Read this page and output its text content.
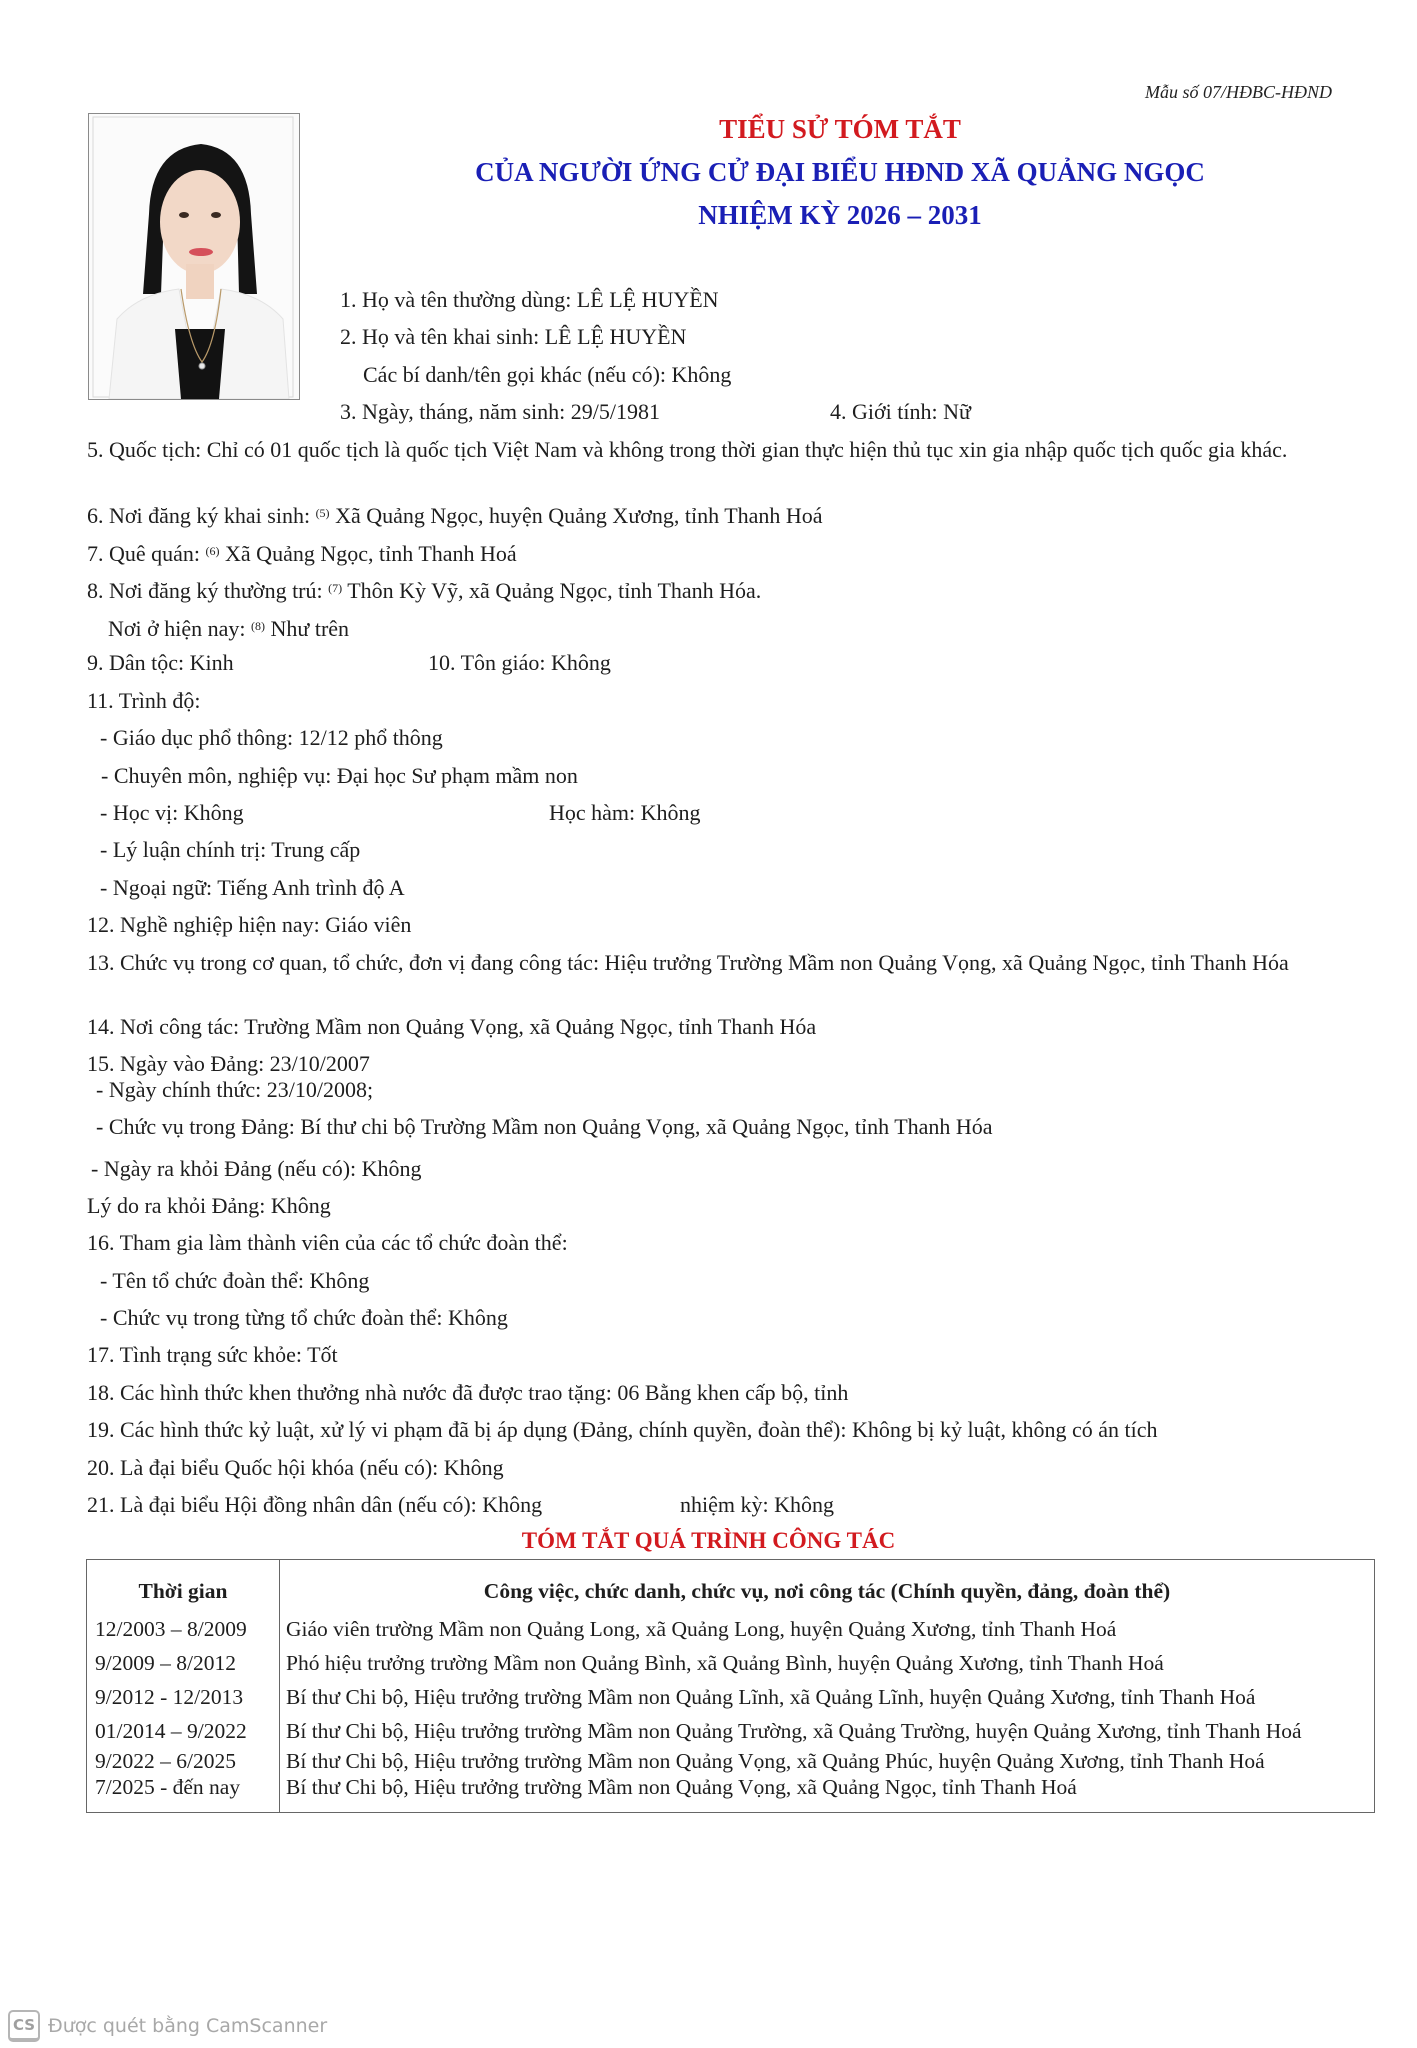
Mẫu số 07/HĐBC-HĐND
TIỂU SỬ TÓM TẮT
CỦA NGƯỜI ỨNG CỬ ĐẠI BIỂU HĐND XÃ QUẢNG NGỌC
NHIỆM KỲ 2026 – 2031
1. Họ và tên thường dùng: LÊ LỆ HUYỀN
2. Họ và tên khai sinh: LÊ LỆ HUYỀN
Các bí danh/tên gọi khác (nếu có): Không
3. Ngày, tháng, năm sinh: 29/5/1981	4. Giới tính: Nữ
5. Quốc tịch: Chỉ có 01 quốc tịch là quốc tịch Việt Nam và không trong thời gian thực hiện thủ tục xin gia nhập quốc tịch quốc gia khác.
6. Nơi đăng ký khai sinh: $^{(5)}$ Xã Quảng Ngọc, huyện Quảng Xương, tỉnh Thanh Hoá
7. Quê quán: $^{(6)}$ Xã Quảng Ngọc, tỉnh Thanh Hoá
8. Nơi đăng ký thường trú: $^{(7)}$ Thôn Kỳ Vỹ, xã Quảng Ngọc, tỉnh Thanh Hóa.
Nơi ở hiện nay: $^{(8)}$ Như trên
9. Dân tộc: Kinh	10. Tôn giáo: Không
11. Trình độ:
- Giáo dục phổ thông: 12/12 phổ thông
- Chuyên môn, nghiệp vụ: Đại học Sư phạm mầm non
- Học vị: Không	Học hàm: Không
- Lý luận chính trị: Trung cấp
- Ngoại ngữ: Tiếng Anh trình độ A
12. Nghề nghiệp hiện nay: Giáo viên
13. Chức vụ trong cơ quan, tổ chức, đơn vị đang công tác: Hiệu trưởng Trường Mầm non Quảng Vọng, xã Quảng Ngọc, tỉnh Thanh Hóa
14. Nơi công tác: Trường Mầm non Quảng Vọng, xã Quảng Ngọc, tỉnh Thanh Hóa
15. Ngày vào Đảng: 23/10/2007
- Ngày chính thức: 23/10/2008;
- Chức vụ trong Đảng: Bí thư chi bộ Trường Mầm non Quảng Vọng, xã Quảng Ngọc, tỉnh Thanh Hóa
- Ngày ra khỏi Đảng (nếu có): Không
Lý do ra khỏi Đảng: Không
16. Tham gia làm thành viên của các tổ chức đoàn thể:
- Tên tổ chức đoàn thể: Không
- Chức vụ trong từng tổ chức đoàn thể: Không
17. Tình trạng sức khỏe: Tốt
18. Các hình thức khen thưởng nhà nước đã được trao tặng: 06 Bằng khen cấp bộ, tỉnh
19. Các hình thức kỷ luật, xử lý vi phạm đã bị áp dụng (Đảng, chính quyền, đoàn thể): Không bị kỷ luật, không có án tích
20. Là đại biểu Quốc hội khóa (nếu có): Không
21. Là đại biểu Hội đồng nhân dân (nếu có): Không	nhiệm kỳ: Không
TÓM TẮT QUÁ TRÌNH CÔNG TÁC
Thời gian	Công việc, chức danh, chức vụ, nơi công tác (Chính quyền, đảng, đoàn thể)
12/2003 – 8/2009	Giáo viên trường Mầm non Quảng Long, xã Quảng Long, huyện Quảng Xương, tỉnh Thanh Hoá
9/2009 – 8/2012	Phó hiệu trưởng trường Mầm non Quảng Bình, xã Quảng Bình, huyện Quảng Xương, tỉnh Thanh Hoá
9/2012 - 12/2013	Bí thư Chi bộ, Hiệu trưởng trường Mầm non Quảng Lĩnh, xã Quảng Lĩnh, huyện Quảng Xương, tỉnh Thanh Hoá
01/2014 – 9/2022	Bí thư Chi bộ, Hiệu trưởng trường Mầm non Quảng Trường, xã Quảng Trường, huyện Quảng Xương, tỉnh Thanh Hoá
9/2022 – 6/2025	Bí thư Chi bộ, Hiệu trưởng trường Mầm non Quảng Vọng, xã Quảng Phúc, huyện Quảng Xương, tỉnh Thanh Hoá
7/2025 - đến nay	Bí thư Chi bộ, Hiệu trưởng trường Mầm non Quảng Vọng, xã Quảng Ngọc, tỉnh Thanh Hoá
CS Được quét bằng CamScanner
